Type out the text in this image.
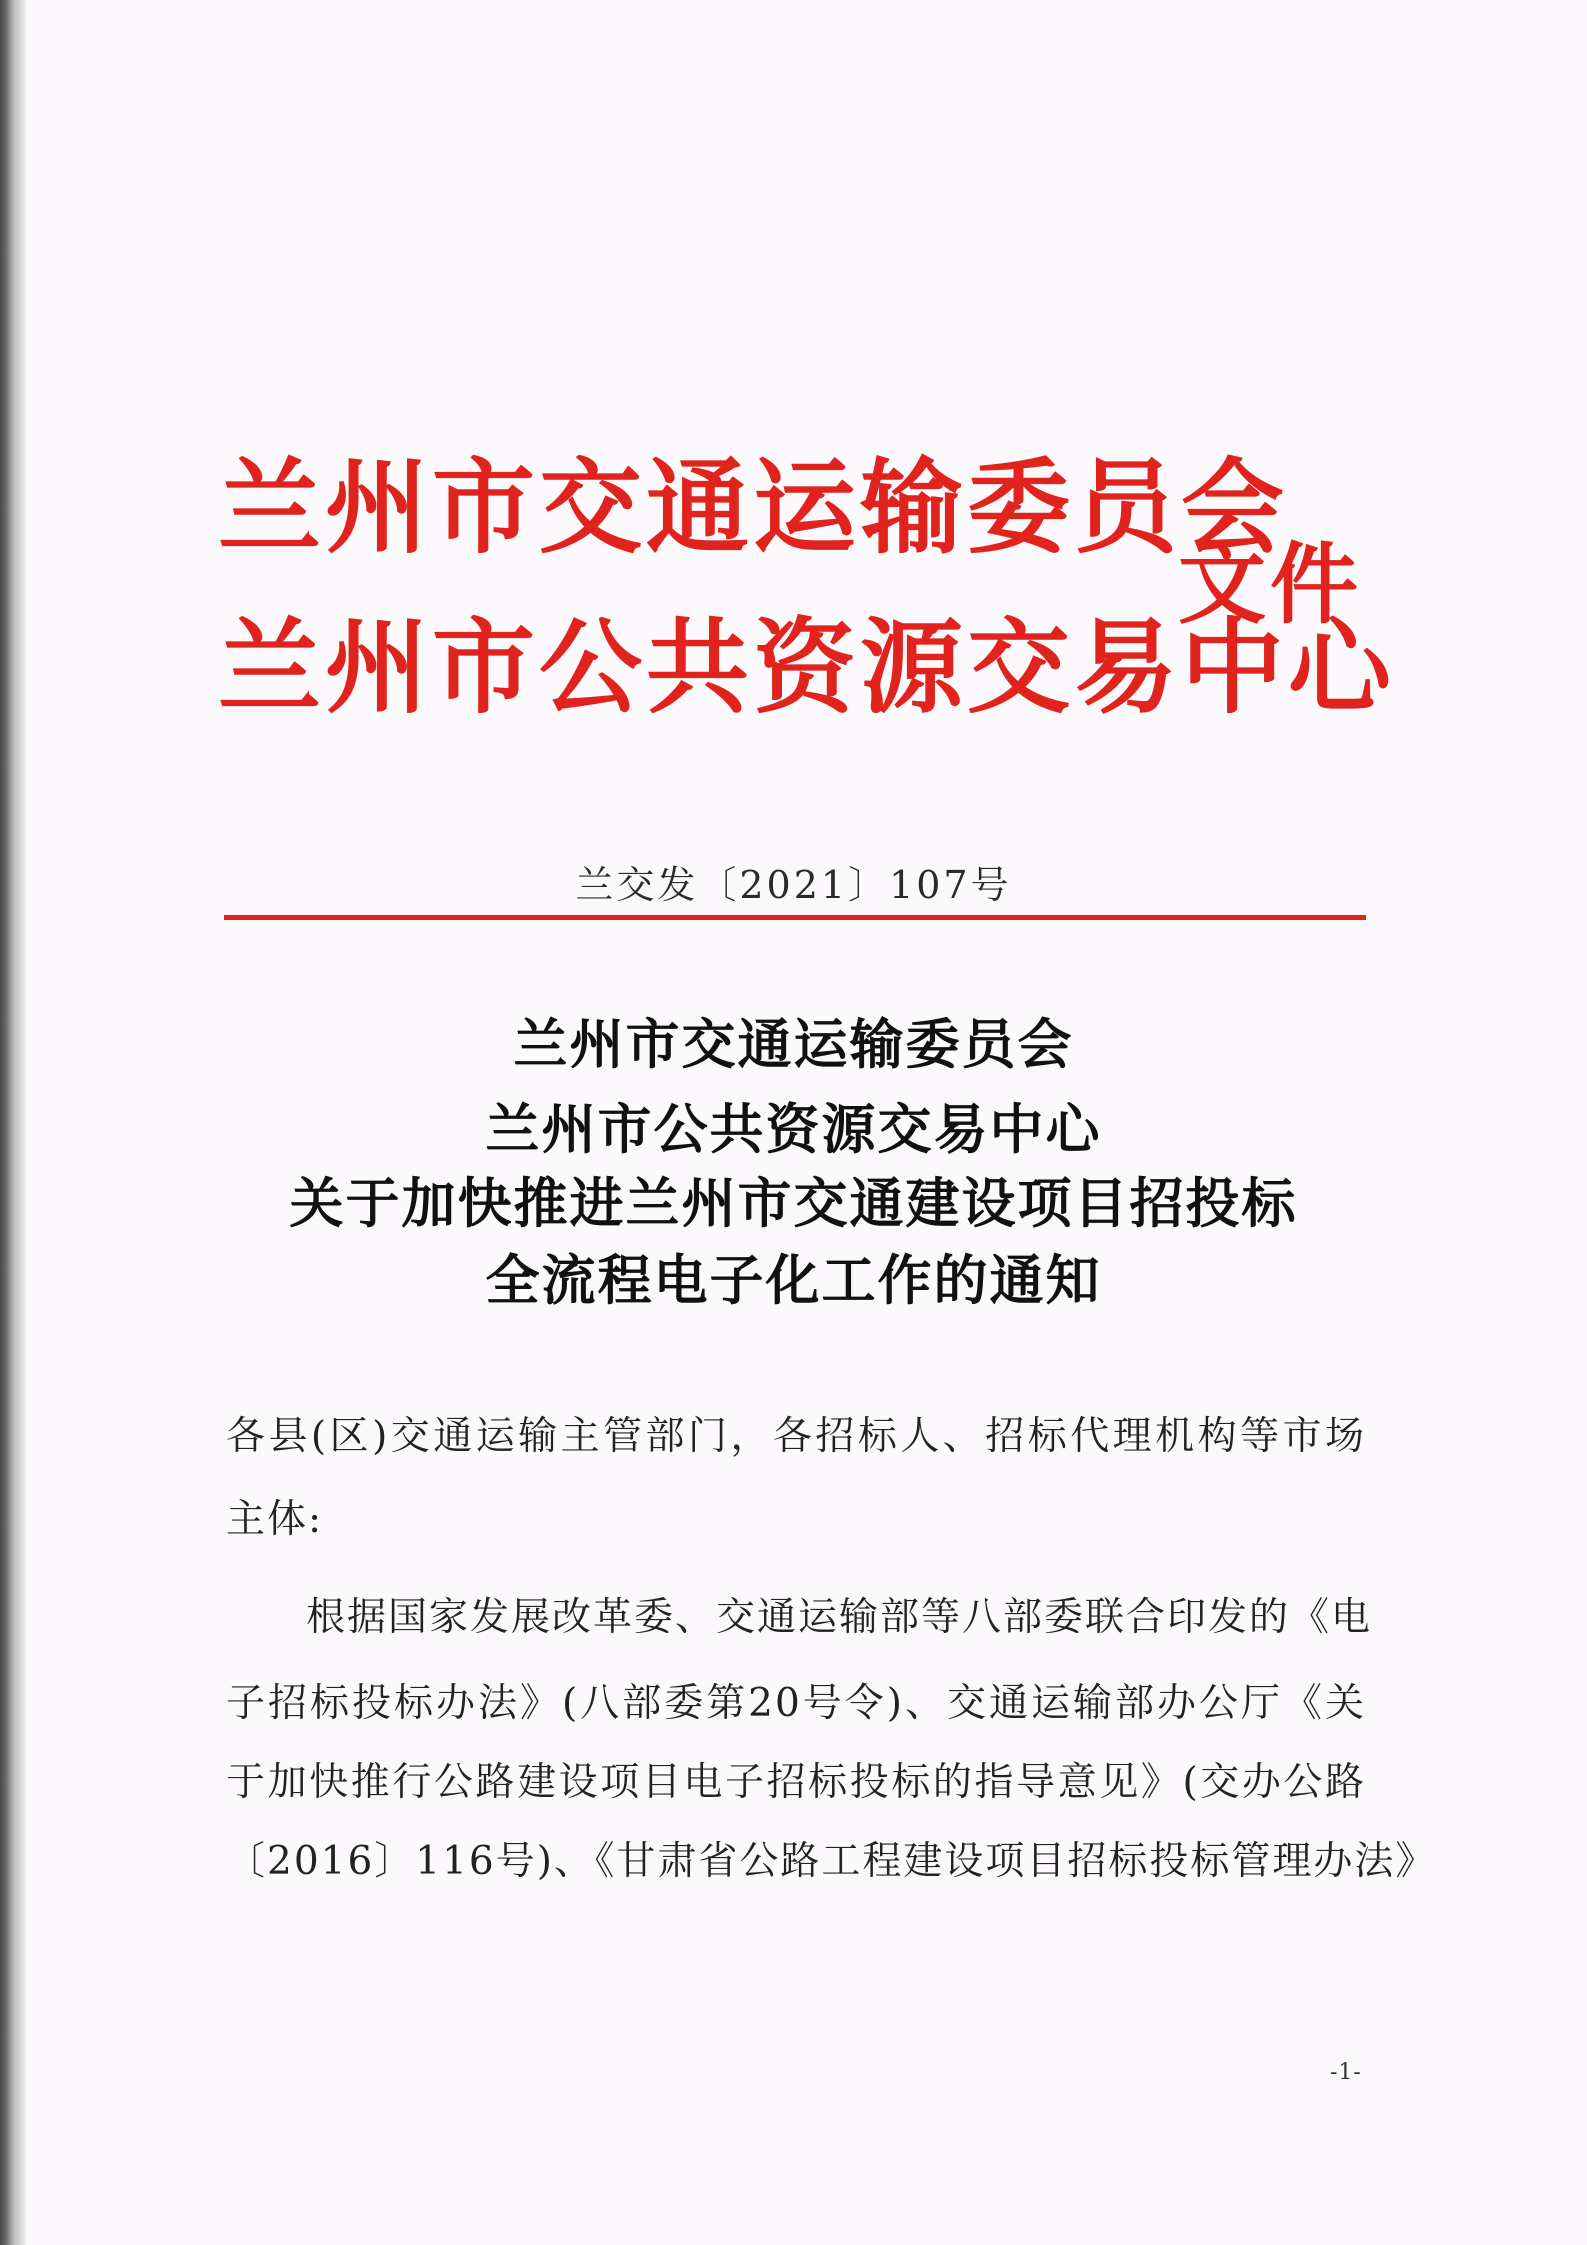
兰州市交通运输委员会
兰州市公共资源交易中心
文件
兰交发〔2021〕107号
兰州市交通运输委员会
兰州市公共资源交易中心
关于加快推进兰州市交通建设项目招投标
全流程电子化工作的通知
各县(区)交通运输主管部门，各招标人、招标代理机构等市场
主体:
根据国家发展改革委、交通运输部等八部委联合印发的《电
子招标投标办法》(八部委第20号令)、交通运输部办公厅《关
于加快推行公路建设项目电子招标投标的指导意见》(交办公路
〔2016〕116号)、《甘肃省公路工程建设项目招标投标管理办法》
-1-
